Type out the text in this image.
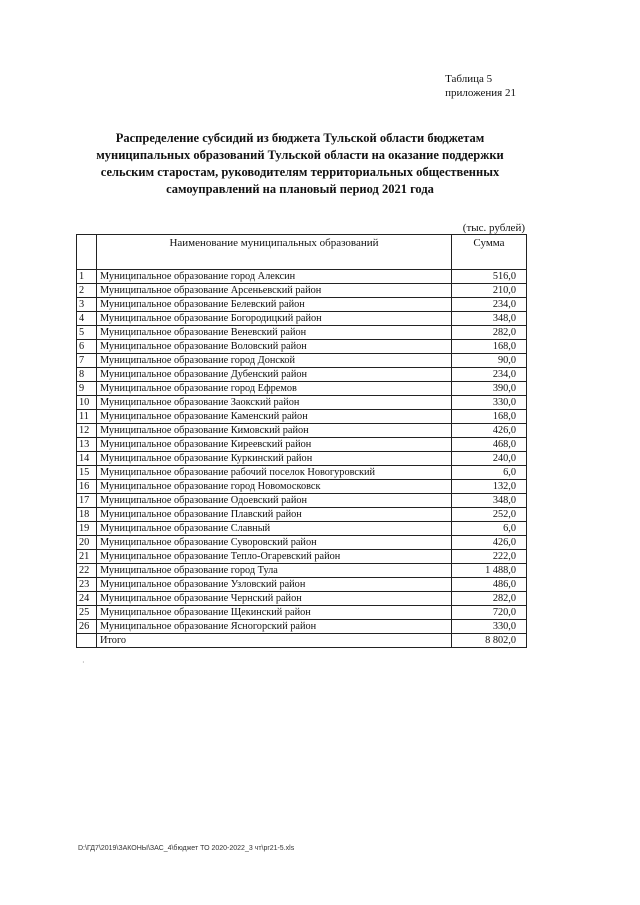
Таблица 5
приложения 21
Распределение субсидий из бюджета Тульской области бюджетам муниципальных образований Тульской области на оказание поддержки сельским старостам, руководителям территориальных общественных самоуправлений на плановый период 2021 года
(тыс. рублей)
	Наименование муниципальных образований	Сумма
1	Муниципальное образование город Алексин	516,0
2	Муниципальное образование Арсеньевский район	210,0
3	Муниципальное образование Белевский район	234,0
4	Муниципальное образование Богородицкий район	348,0
5	Муниципальное образование Веневский район	282,0
6	Муниципальное образование Воловский район	168,0
7	Муниципальное образование город Донской	90,0
8	Муниципальное образование Дубенский район	234,0
9	Муниципальное образование город Ефремов	390,0
10	Муниципальное образование Заокский район	330,0
11	Муниципальное образование Каменский район	168,0
12	Муниципальное образование Кимовский район	426,0
13	Муниципальное образование Киреевский район	468,0
14	Муниципальное образование Куркинский район	240,0
15	Муниципальное образование рабочий поселок Новогуровский	6,0
16	Муниципальное образование город Новомосковск	132,0
17	Муниципальное образование Одоевский район	348,0
18	Муниципальное образование Плавский район	252,0
19	Муниципальное образование Славный	6,0
20	Муниципальное образование Суворовский район	426,0
21	Муниципальное образование Тепло-Огаревский район	222,0
22	Муниципальное образование город Тула	1 488,0
23	Муниципальное образование Узловский район	486,0
24	Муниципальное образование Чернский район	282,0
25	Муниципальное образование Щекинский район	720,0
26	Муниципальное образование Ясногорский район	330,0
	Итого	8 802,0
·
D:\ГД7\2019\ЗАКОНЫ\ЗАС_4\бюджет ТО 2020-2022_3 чт\pr21-5.xls
